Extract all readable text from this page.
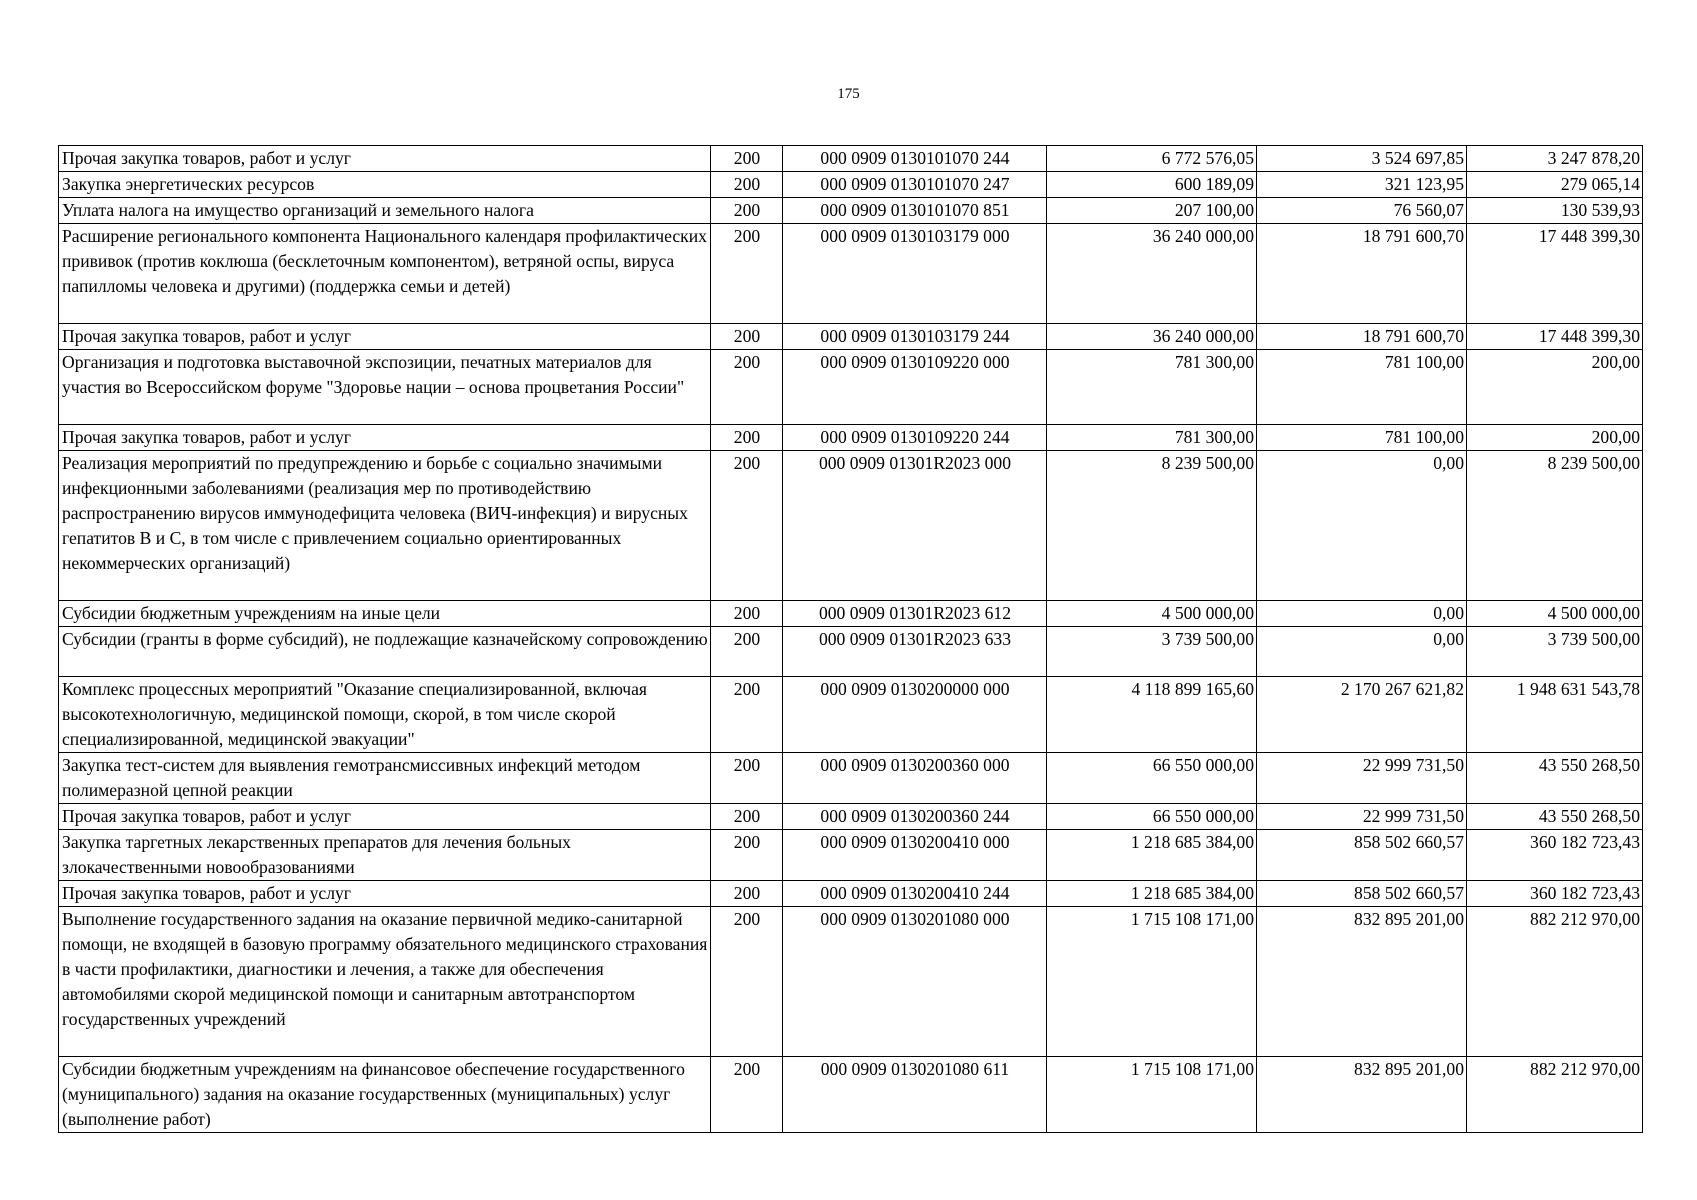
175
Прочая закупка товаров, работ и услуг	200	000 0909 0130101070 244	6 772 576,05	3 524 697,85	3 247 878,20
Закупка энергетических ресурсов	200	000 0909 0130101070 247	600 189,09	321 123,95	279 065,14
Уплата налога на имущество организаций и земельного налога	200	000 0909 0130101070 851	207 100,00	76 560,07	130 539,93
Расширение регионального компонента Национального календаря профилактических прививок (против коклюша (бесклеточным компонентом), ветряной оспы, вируса папилломы человека и другими) (поддержка семьи и детей)	200	000 0909 0130103179 000	36 240 000,00	18 791 600,70	17 448 399,30
Прочая закупка товаров, работ и услуг	200	000 0909 0130103179 244	36 240 000,00	18 791 600,70	17 448 399,30
Организация и подготовка выставочной экспозиции, печатных материалов для участия во Всероссийском форуме "Здоровье нации – основа процветания России"	200	000 0909 0130109220 000	781 300,00	781 100,00	200,00
Прочая закупка товаров, работ и услуг	200	000 0909 0130109220 244	781 300,00	781 100,00	200,00
Реализация мероприятий по предупреждению и борьбе с социально значимыми инфекционными заболеваниями (реализация мер по противодействию распространению вирусов иммунодефицита человека (ВИЧ-инфекция) и вирусных гепатитов B и C, в том числе с привлечением социально ориентированных некоммерческих организаций)	200	000 0909 01301R2023 000	8 239 500,00	0,00	8 239 500,00
Субсидии бюджетным учреждениям на иные цели	200	000 0909 01301R2023 612	4 500 000,00	0,00	4 500 000,00
Субсидии (гранты в форме субсидий), не подлежащие казначейскому сопровождению	200	000 0909 01301R2023 633	3 739 500,00	0,00	3 739 500,00
Комплекс процессных мероприятий "Оказание специализированной, включая высокотехнологичную, медицинской помощи, скорой, в том числе скорой специализированной, медицинской эвакуации"	200	000 0909 0130200000 000	4 118 899 165,60	2 170 267 621,82	1 948 631 543,78
Закупка тест-систем для выявления гемотрансмиссивных инфекций методом полимеразной цепной реакции	200	000 0909 0130200360 000	66 550 000,00	22 999 731,50	43 550 268,50
Прочая закупка товаров, работ и услуг	200	000 0909 0130200360 244	66 550 000,00	22 999 731,50	43 550 268,50
Закупка таргетных лекарственных препаратов для лечения больных злокачественными новообразованиями	200	000 0909 0130200410 000	1 218 685 384,00	858 502 660,57	360 182 723,43
Прочая закупка товаров, работ и услуг	200	000 0909 0130200410 244	1 218 685 384,00	858 502 660,57	360 182 723,43
Выполнение государственного задания на оказание первичной медико-санитарной помощи, не входящей в базовую программу обязательного медицинского страхования в части профилактики, диагностики и лечения, а также для обеспечения автомобилями скорой медицинской помощи и санитарным автотранспортом государственных учреждений	200	000 0909 0130201080 000	1 715 108 171,00	832 895 201,00	882 212 970,00
Субсидии бюджетным учреждениям на финансовое обеспечение государственного (муниципального) задания на оказание государственных (муниципальных) услуг (выполнение работ)	200	000 0909 0130201080 611	1 715 108 171,00	832 895 201,00	882 212 970,00
